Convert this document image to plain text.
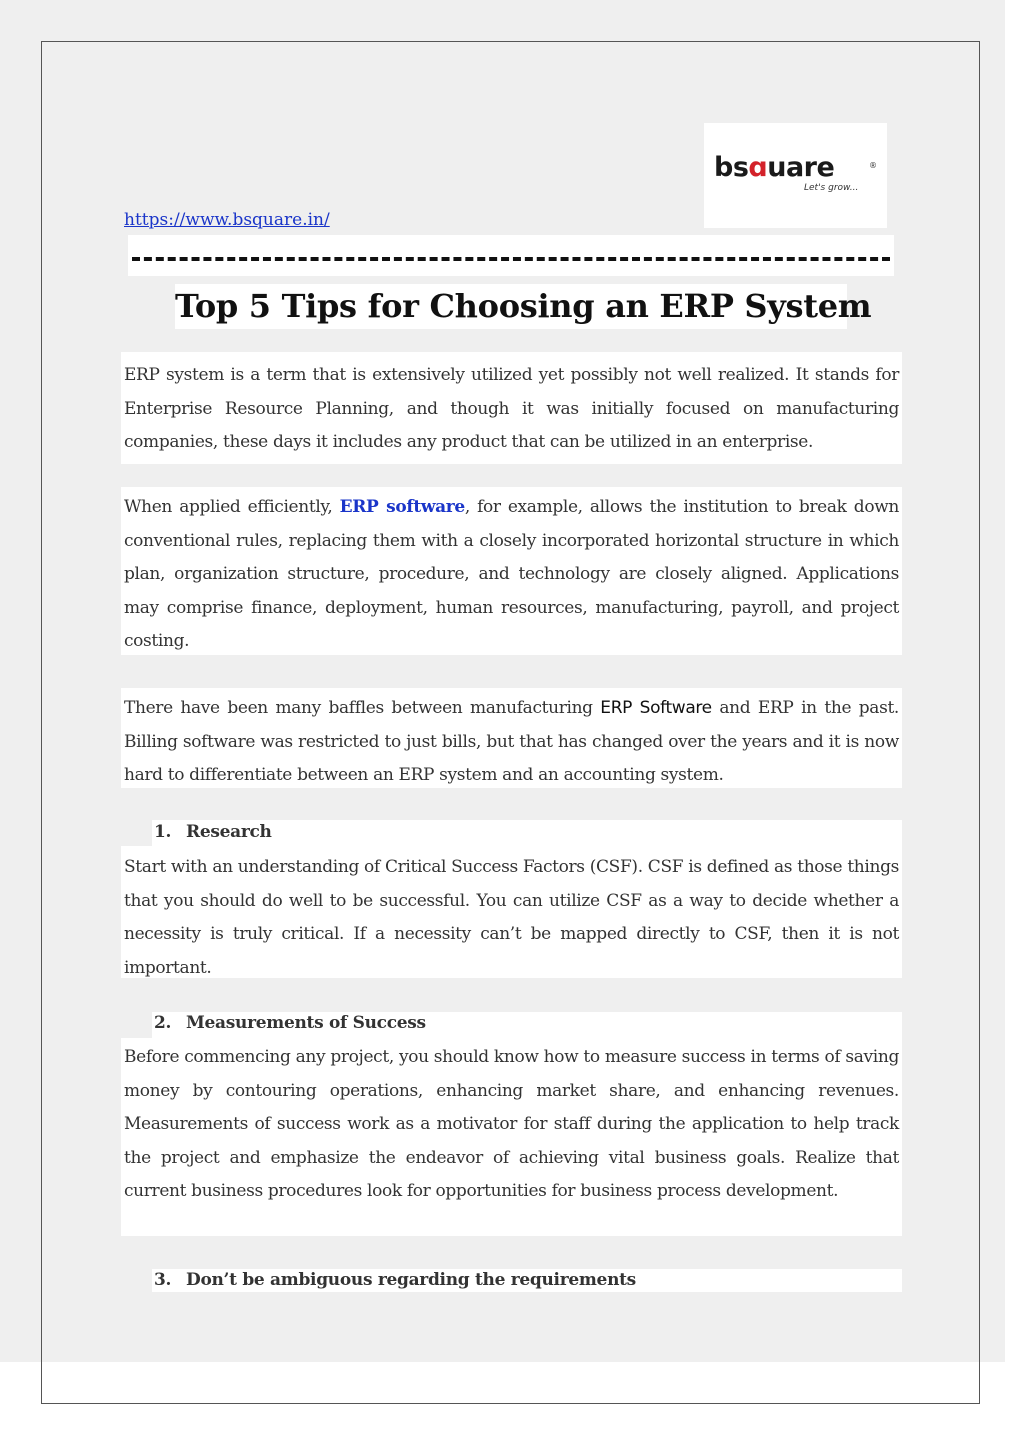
bsɑuare	®
Let's grow...
https://www.bsquare.in/
Top 5 Tips for Choosing an ERP System

ERP system is a term that is extensively utilized yet possibly not well realized. It stands for Enterprise Resource Planning, and though it was initially focused on manufacturing companies, these days it includes any product that can be utilized in an enterprise.

When applied efficiently, ERP software, for example, allows the institution to break down conventional rules, replacing them with a closely incorporated horizontal structure in which plan, organization structure, procedure, and technology are closely aligned. Applications may comprise finance, deployment, human resources, manufacturing, payroll, and project costing.

There have been many baffles between manufacturing ERP Software and ERP in the past. Billing software was restricted to just bills, but that has changed over the years and it is now hard to differentiate between an ERP system and an accounting system.

1. Research

Start with an understanding of Critical Success Factors (CSF). CSF is defined as those things that you should do well to be successful. You can utilize CSF as a way to decide whether a necessity is truly critical. If a necessity can’t be mapped directly to CSF, then it is not important.

2. Measurements of Success

Before commencing any project, you should know how to measure success in terms of saving money by contouring operations, enhancing market share, and enhancing revenues. Measurements of success work as a motivator for staff during the application to help track the project and emphasize the endeavor of achieving vital business goals. Realize that current business procedures look for opportunities for business process development.

3. Don’t be ambiguous regarding the requirements
